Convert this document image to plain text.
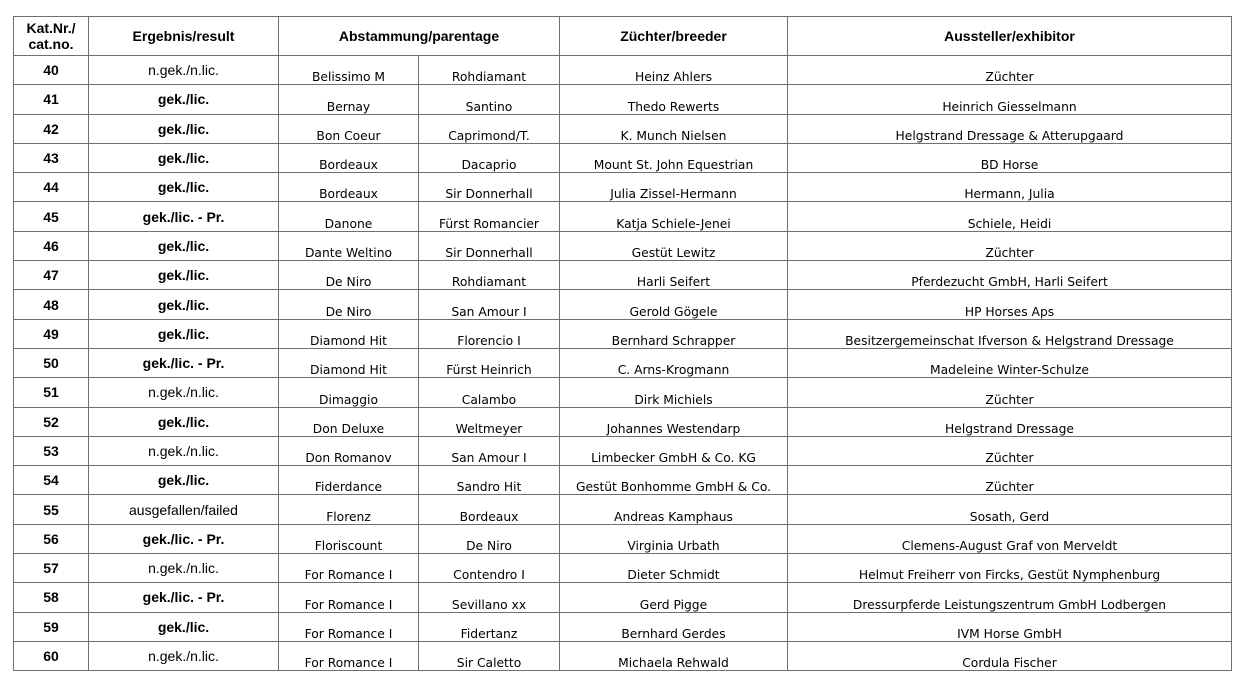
Kat.Nr./
cat.no.	Ergebnis/result	Abstammung/parentage		Züchter/breeder	Aussteller/exhibitor
40	n.gek./n.lic.	Belissimo M	Rohdiamant	Heinz Ahlers	Züchter
41	gek./lic.	Bernay	Santino	Thedo Rewerts	Heinrich Giesselmann
42	gek./lic.	Bon Coeur	Caprimond/T.	K. Munch Nielsen	Helgstrand Dressage & Atterupgaard
43	gek./lic.	Bordeaux	Dacaprio	Mount St. John Equestrian	BD Horse
44	gek./lic.	Bordeaux	Sir Donnerhall	Julia Zissel-Hermann	Hermann, Julia
45	gek./lic. - Pr.	Danone	Fürst Romancier	Katja Schiele-Jenei	Schiele, Heidi
46	gek./lic.	Dante Weltino	Sir Donnerhall	Gestüt Lewitz	Züchter
47	gek./lic.	De Niro	Rohdiamant	Harli Seifert	Pferdezucht GmbH, Harli Seifert
48	gek./lic.	De Niro	San Amour I	Gerold Gögele	HP Horses Aps
49	gek./lic.	Diamond Hit	Florencio I	Bernhard Schrapper	Besitzergemeinschat Ifverson & Helgstrand Dressage
50	gek./lic. - Pr.	Diamond Hit	Fürst Heinrich	C. Arns-Krogmann	Madeleine Winter-Schulze
51	n.gek./n.lic.	Dimaggio	Calambo	Dirk Michiels	Züchter
52	gek./lic.	Don Deluxe	Weltmeyer	Johannes Westendarp	Helgstrand Dressage
53	n.gek./n.lic.	Don Romanov	San Amour I	Limbecker GmbH & Co. KG	Züchter
54	gek./lic.	Fiderdance	Sandro Hit	Gestüt Bonhomme GmbH & Co.	Züchter
55	ausgefallen/failed	Florenz	Bordeaux	Andreas Kamphaus	Sosath, Gerd
56	gek./lic. - Pr.	Floriscount	De Niro	Virginia Urbath	Clemens-August Graf von Merveldt
57	n.gek./n.lic.	For Romance I	Contendro I	Dieter Schmidt	Helmut Freiherr von Fircks, Gestüt Nymphenburg
58	gek./lic. - Pr.	For Romance I	Sevillano xx	Gerd Pigge	Dressurpferde Leistungszentrum GmbH Lodbergen
59	gek./lic.	For Romance I	Fidertanz	Bernhard Gerdes	IVM Horse GmbH
60	n.gek./n.lic.	For Romance I	Sir Caletto	Michaela Rehwald	Cordula Fischer
